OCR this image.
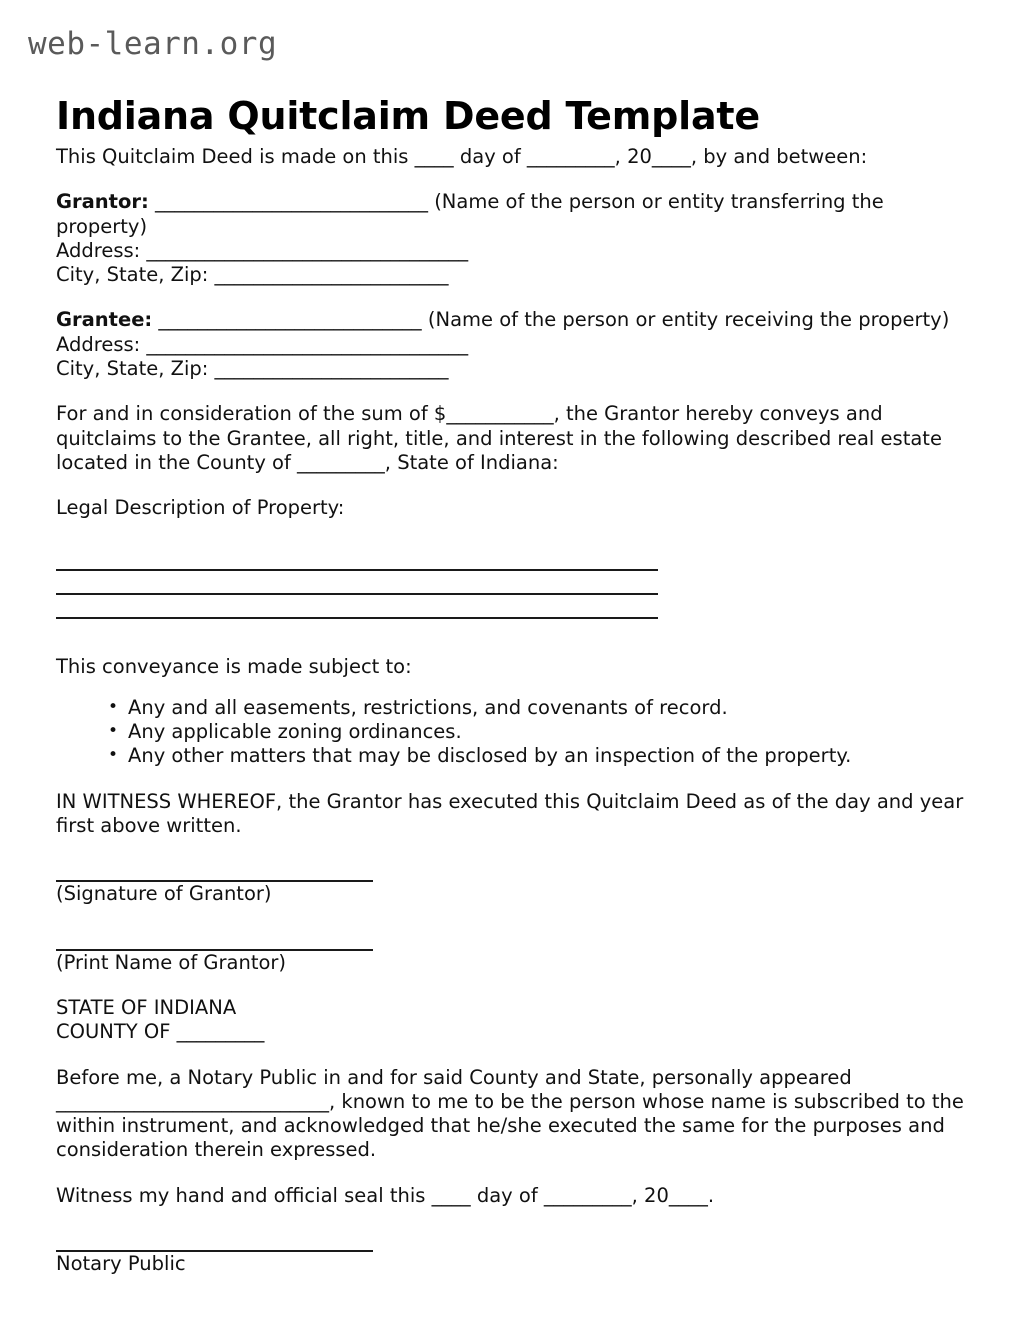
web-learn.org
Indiana Quitclaim Deed Template

This Quitclaim Deed is made on this ____ day of _________, 20____, by and between:

Grantor: ____________________________ (Name of the person or entity transferring the property)

Address: _________________________________

City, State, Zip: ________________________

Grantee: ___________________________ (Name of the person or entity receiving the property)

Address: _________________________________

City, State, Zip: ________________________

For and in consideration of the sum of $___________, the Grantor hereby conveys and quitclaims to the Grantee, all right, title, and interest in the following described real estate located in the County of _________, State of Indiana:

Legal Description of Property:

This conveyance is made subject to:

• Any and all easements, restrictions, and covenants of record.
• Any applicable zoning ordinances.
• Any other matters that may be disclosed by an inspection of the property.

IN WITNESS WHEREOF, the Grantor has executed this Quitclaim Deed as of the day and year first above written.

(Signature of Grantor)
(Print Name of Grantor)

STATE OF INDIANA

COUNTY OF _________

Before me, a Notary Public in and for said County and State, personally appeared ____________________________, known to me to be the person whose name is subscribed to the within instrument, and acknowledged that he/she executed the same for the purposes and consideration therein expressed.

Witness my hand and official seal this ____ day of _________, 20____.

Notary Public
